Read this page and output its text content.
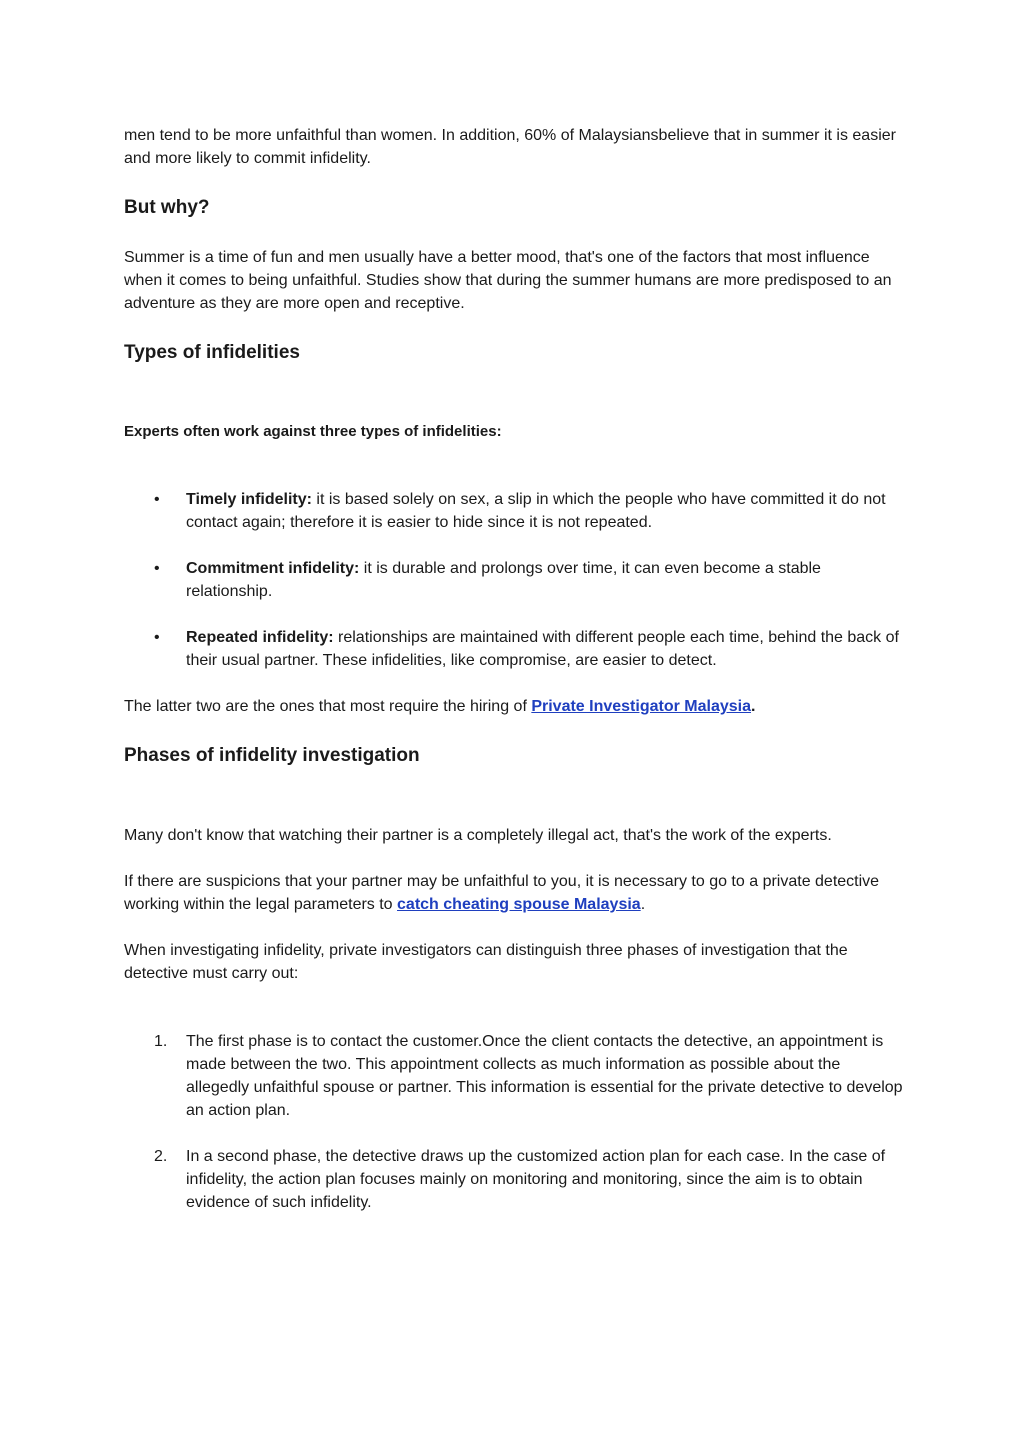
men tend to be more unfaithful than women. In addition, 60% of Malaysiansbelieve that in summer it is easier and more likely to commit infidelity.

But why?

Summer is a time of fun and men usually have a better mood, that's one of the factors that most influence when it comes to being unfaithful. Studies show that during the summer humans are more predisposed to an adventure as they are more open and receptive.

Types of infidelities

Experts often work against three types of infidelities:

• Timely infidelity: it is based solely on sex, a slip in which the people who have committed it do not contact again; therefore it is easier to hide since it is not repeated.
• Commitment infidelity: it is durable and prolongs over time, it can even become a stable relationship.
• Repeated infidelity: relationships are maintained with different people each time, behind the back of their usual partner. These infidelities, like compromise, are easier to detect.

The latter two are the ones that most require the hiring of Private Investigator Malaysia.

Phases of infidelity investigation

Many don't know that watching their partner is a completely illegal act, that's the work of the experts.

If there are suspicions that your partner may be unfaithful to you, it is necessary to go to a private detective working within the legal parameters to catch cheating spouse Malaysia.

When investigating infidelity, private investigators can distinguish three phases of investigation that the detective must carry out:

1. The first phase is to contact the customer.Once the client contacts the detective, an appointment is made between the two. This appointment collects as much information as possible about the allegedly unfaithful spouse or partner. This information is essential for the private detective to develop an action plan.
2. In a second phase, the detective draws up the customized action plan for each case. In the case of infidelity, the action plan focuses mainly on monitoring and monitoring, since the aim is to obtain evidence of such infidelity.
